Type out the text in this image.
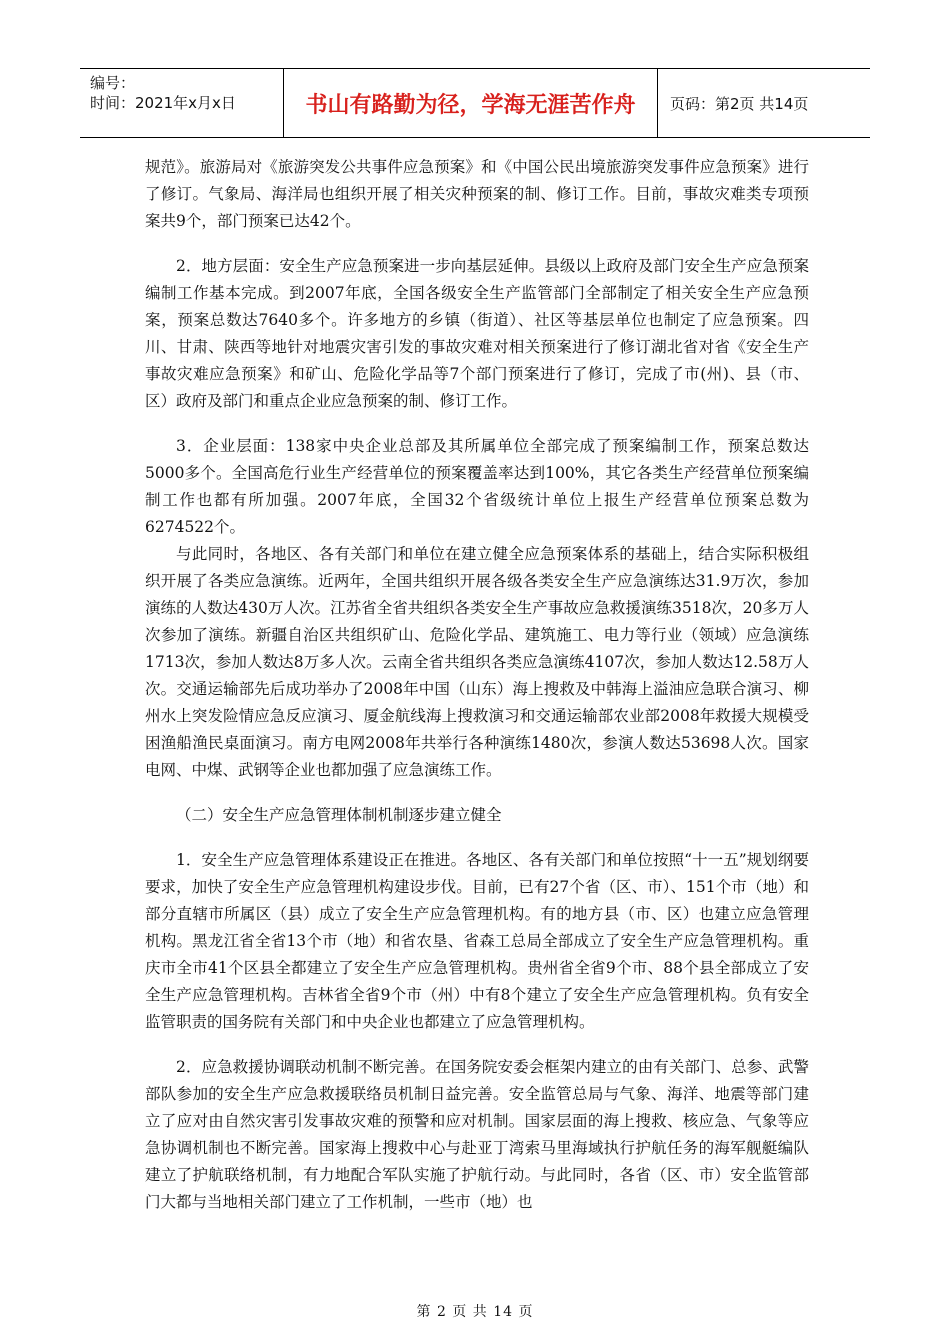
编号：
时间：2021年x月x日	书山有路勤为径，学海无涯苦作舟	页码：第2页 共14页

规范》。旅游局对《旅游突发公共事件应急预案》和《中国公民出境旅游突发事件应急预案》进行了修订。气象局、海洋局也组织开展了相关灾种预案的制、修订工作。目前，事故灾难类专项预案共9个，部门预案已达42个。

2．地方层面：安全生产应急预案进一步向基层延伸。县级以上政府及部门安全生产应急预案编制工作基本完成。到2007年底，全国各级安全生产监管部门全部制定了相关安全生产应急预案，预案总数达7640多个。许多地方的乡镇（街道）、社区等基层单位也制定了应急预案。四川、甘肃、陕西等地针对地震灾害引发的事故灾难对相关预案进行了修订湖北省对省《安全生产事故灾难应急预案》和矿山、危险化学品等7个部门预案进行了修订，完成了市(州)、县（市、区）政府及部门和重点企业应急预案的制、修订工作。

3．企业层面：138家中央企业总部及其所属单位全部完成了预案编制工作，预案总数达5000多个。全国高危行业生产经营单位的预案覆盖率达到100%，其它各类生产经营单位预案编制工作也都有所加强。2007年底，全国32个省级统计单位上报生产经营单位预案总数为6274522个。

与此同时，各地区、各有关部门和单位在建立健全应急预案体系的基础上，结合实际积极组织开展了各类应急演练。近两年，全国共组织开展各级各类安全生产应急演练达31.9万次，参加演练的人数达430万人次。江苏省全省共组织各类安全生产事故应急救援演练3518次，20多万人次参加了演练。新疆自治区共组织矿山、危险化学品、建筑施工、电力等行业（领域）应急演练1713次，参加人数达8万多人次。云南全省共组织各类应急演练4107次，参加人数达12.58万人次。交通运输部先后成功举办了2008年中国（山东）海上搜救及中韩海上溢油应急联合演习、柳州水上突发险情应急反应演习、厦金航线海上搜救演习和交通运输部农业部2008年救援大规模受困渔船渔民桌面演习。南方电网2008年共举行各种演练1480次，参演人数达53698人次。国家电网、中煤、武钢等企业也都加强了应急演练工作。

（二）安全生产应急管理体制机制逐步建立健全

1．安全生产应急管理体系建设正在推进。各地区、各有关部门和单位按照“十一五”规划纲要要求，加快了安全生产应急管理机构建设步伐。目前，已有27个省（区、市）、151个市（地）和部分直辖市所属区（县）成立了安全生产应急管理机构。有的地方县（市、区）也建立应急管理机构。黑龙江省全省13个市（地）和省农垦、省森工总局全部成立了安全生产应急管理机构。重庆市全市41个区县全都建立了安全生产应急管理机构。贵州省全省9个市、88个县全部成立了安全生产应急管理机构。吉林省全省9个市（州）中有8个建立了安全生产应急管理机构。负有安全监管职责的国务院有关部门和中央企业也都建立了应急管理机构。

2．应急救援协调联动机制不断完善。在国务院安委会框架内建立的由有关部门、总参、武警部队参加的安全生产应急救援联络员机制日益完善。安全监管总局与气象、海洋、地震等部门建立了应对由自然灾害引发事故灾难的预警和应对机制。国家层面的海上搜救、核应急、气象等应急协调机制也不断完善。国家海上搜救中心与赴亚丁湾索马里海域执行护航任务的海军舰艇编队建立了护航联络机制，有力地配合军队实施了护航行动。与此同时，各省（区、市）安全监管部门大都与当地相关部门建立了工作机制，一些市（地）也

第 2 页 共 14 页
